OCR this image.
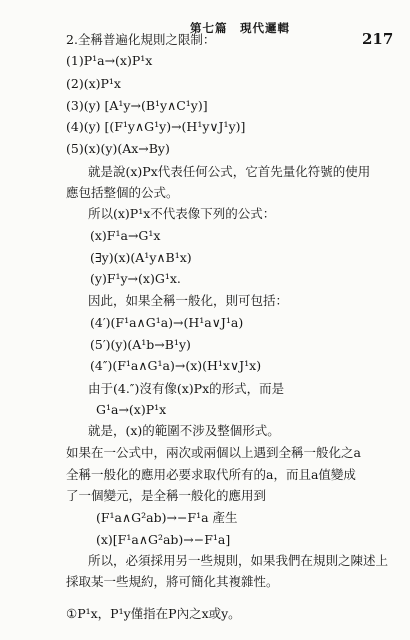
第七篇　現代邏輯
217
2.全稱普遍化規則之限制：
(1)P¹a→(x)P¹x
(2)(x)P¹x
(3)(y) [A¹y→(B¹y∧C¹y)]
(4)(y) [(F¹y∧G¹y)→(H¹y∨J¹y)]
(5)(x)(y)(Ax→By)
就是說(x)Px代表任何公式，它首先量化符號的使用
應包括整個的公式。
所以(x)P¹x不代表像下列的公式：
(x)F¹a→G¹x
(∃y)(x)(A¹y∧B¹x)
(y)F¹y→(x)G¹x.
因此，如果全稱一般化，則可包括：
(4′)(F¹a∧G¹a)→(H¹a∨J¹a)
(5′)(y)(A¹b→B¹y)
(4″)(F¹a∧G¹a)→(x)(H¹x∨J¹x)
由于(4.″)沒有像(x)Px的形式，而是
G¹a→(x)P¹x
就是，(x)的範圍不涉及整個形式。
如果在一公式中，兩次或兩個以上遇到全稱一般化之a
全稱一般化的應用必要求取代所有的a，而且a值變成
了一個變元，是全稱一般化的應用到
(F¹a∧G²ab)→−F¹a 產生
(x)[F¹a∧G²ab)→−F¹a]
所以，必須採用另一些規則，如果我們在規則之陳述上
採取某一些規約，將可簡化其複雜性。
①P¹x，P¹y僅指在P內之x或y。
